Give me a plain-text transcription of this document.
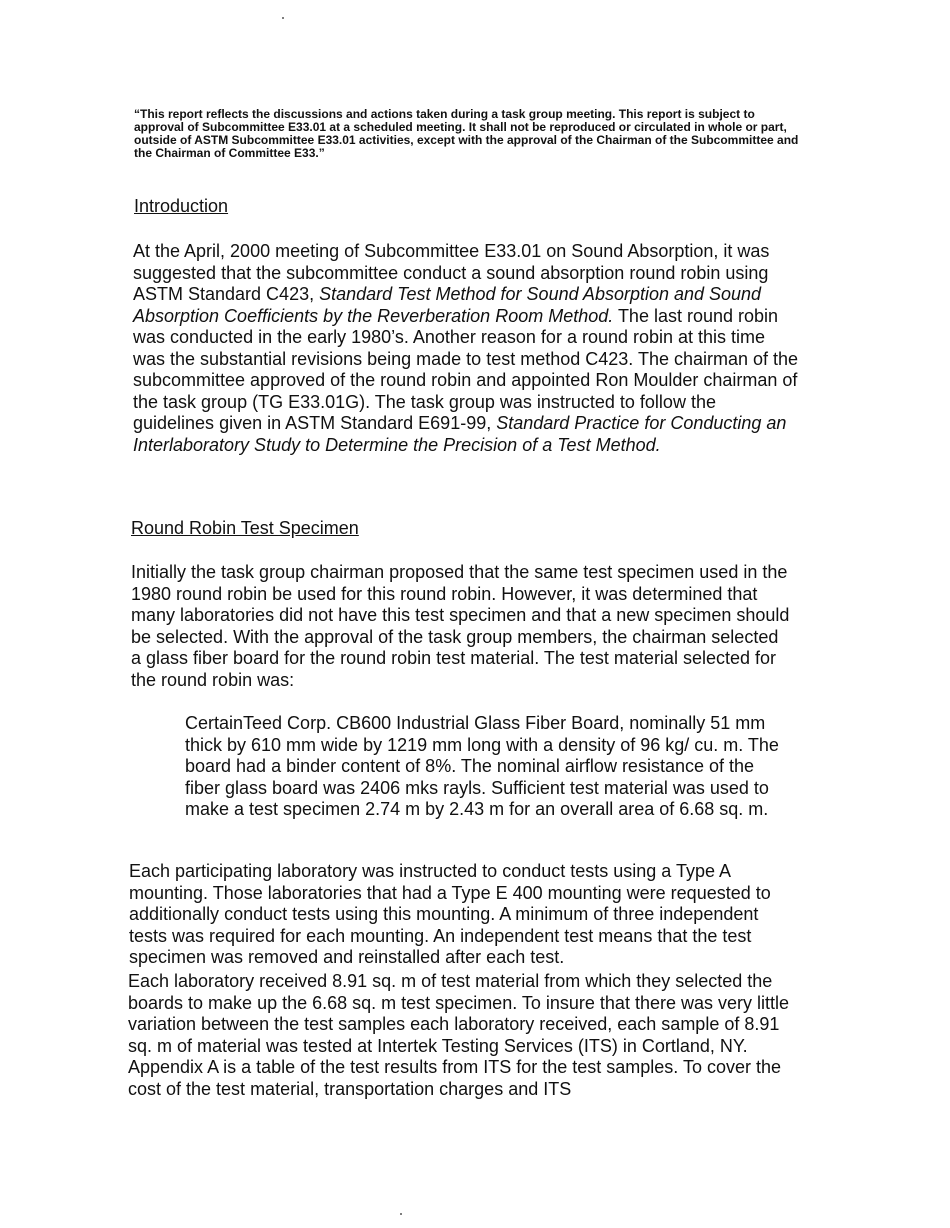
“This report reflects the discussions and actions taken during a task group meeting. This report is subject to approval of Subcommittee E33.01 at a scheduled meeting. It shall not be reproduced or circulated in whole or part, outside of ASTM Subcommittee E33.01 activities, except with the approval of the Chairman of the Subcommittee and the Chairman of Committee E33.”

Introduction

At the April, 2000 meeting of Subcommittee E33.01 on Sound Absorption, it was suggested that the subcommittee conduct a sound absorption round robin using ASTM Standard C423, Standard Test Method for Sound Absorption and Sound Absorption Coefficients by the Reverberation Room Method. The last round robin was conducted in the early 1980’s. Another reason for a round robin at this time was the substantial revisions being made to test method C423. The chairman of the subcommittee approved of the round robin and appointed Ron Moulder chairman of the task group (TG E33.01G). The task group was instructed to follow the guidelines given in ASTM Standard E691-99, Standard Practice for Conducting an Interlaboratory Study to Determine the Precision of a Test Method.

Round Robin Test Specimen

Initially the task group chairman proposed that the same test specimen used in the 1980 round robin be used for this round robin. However, it was determined that many laboratories did not have this test specimen and that a new specimen should be selected. With the approval of the task group members, the chairman selected a glass fiber board for the round robin test material. The test material selected for the round robin was:

CertainTeed Corp. CB600 Industrial Glass Fiber Board, nominally 51 mm thick by 610 mm wide by 1219 mm long with a density of 96 kg/ cu. m. The board had a binder content of 8%. The nominal airflow resistance of the fiber glass board was 2406 mks rayls. Sufficient test material was used to make a test specimen 2.74 m by 2.43 m for an overall area of 6.68 sq. m.

Each participating laboratory was instructed to conduct tests using a Type A mounting. Those laboratories that had a Type E 400 mounting were requested to additionally conduct tests using this mounting. A minimum of three independent tests was required for each mounting. An independent test means that the test specimen was removed and reinstalled after each test.

Each laboratory received 8.91 sq. m of test material from which they selected the boards to make up the 6.68 sq. m test specimen. To insure that there was very little variation between the test samples each laboratory received, each sample of 8.91 sq. m of material was tested at Intertek Testing Services (ITS) in Cortland, NY. Appendix A is a table of the test results from ITS for the test samples. To cover the cost of the test material, transportation charges and ITS
